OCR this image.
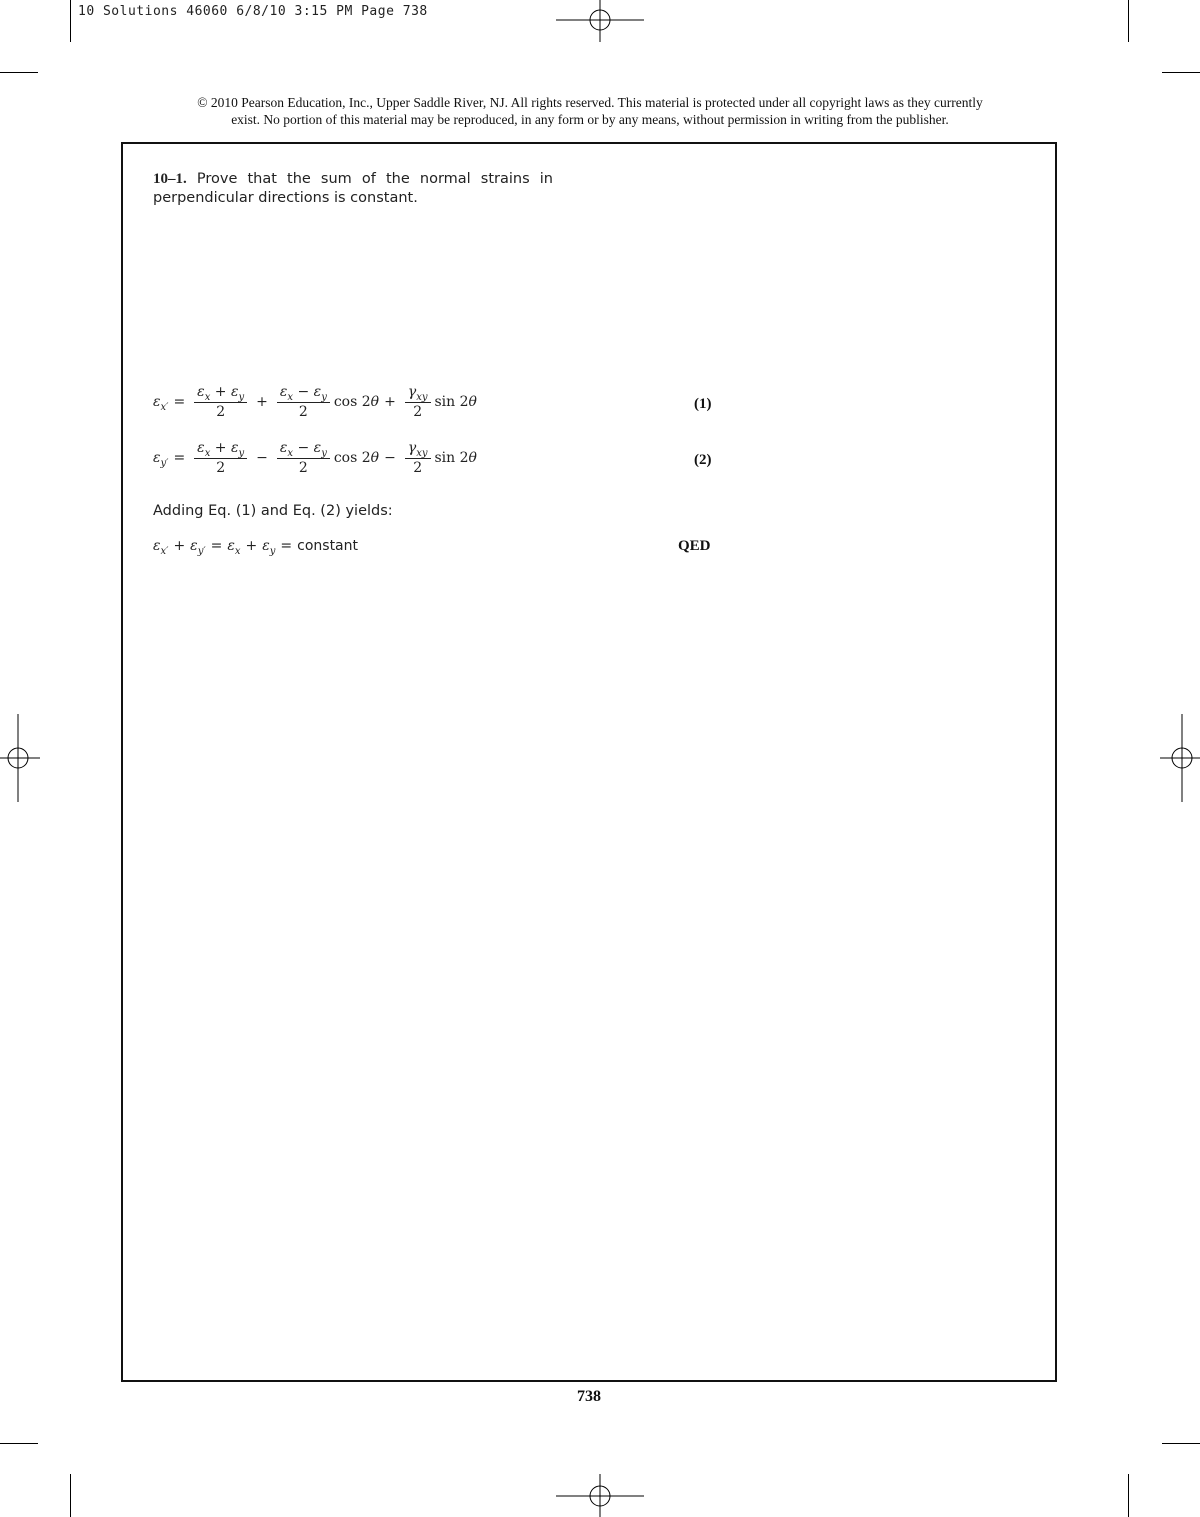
10 Solutions 46060 6/8/10 3:15 PM Page 738
© 2010 Pearson Education, Inc., Upper Saddle River, NJ. All rights reserved. This material is protected under all copyright laws as they currently
exist. No portion of this material may be reproduced, in any form or by any means, without permission in writing from the publisher.
10–1. Prove that the sum of the normal strains in perpendicular directions is constant.
$\varepsilon_{x'} = \frac{\varepsilon_x + \varepsilon_y}{2} + \frac{\varepsilon_x - \varepsilon_y}{2}$ $\cos 2\theta + \frac{\gamma_{xy}}{2}$ sin 2θ	(1)
$\varepsilon_{y'} = \frac{\varepsilon_x + \varepsilon_y}{2} - \frac{\varepsilon_x - \varepsilon_y}{2}$ $\cos 2\theta - \frac{\gamma_{xy}}{2}$ sin 2θ	(2)
Adding Eq. (1) and Eq. (2) yields:
$\varepsilon_{x'} + \varepsilon_{y'} = \varepsilon_x + \varepsilon_y$ = constant	QED
738
